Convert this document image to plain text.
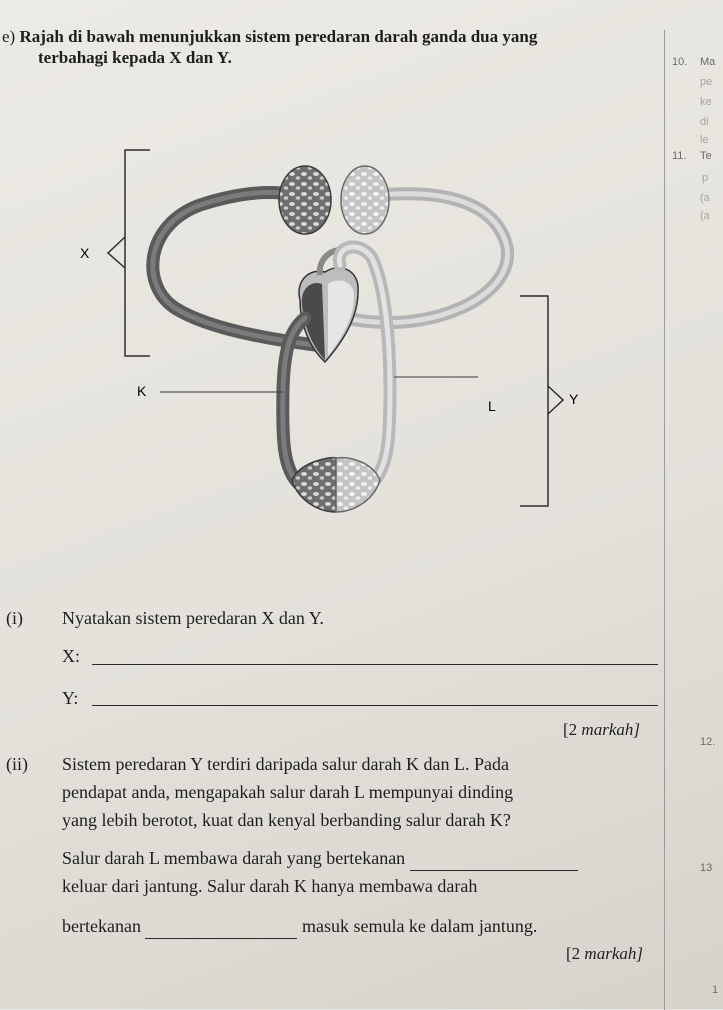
e) Rajah di bawah menunjukkan sistem peredaran darah ganda dua yang
terbahagi kepada X dan Y.	10. Ma
pe
ke
di
le
11. Te
p
(a
(a
12.
13
1
X
Y
K
L
(i) Nyatakan sistem peredaran X dan Y.
X:
Y:
[2 markah]
(ii) Sistem peredaran Y terdiri daripada salur darah K dan L. Pada
pendapat anda, mengapakah salur darah L mempunyai dinding
yang lebih berotot, kuat dan kenyal berbanding salur darah K?
Salur darah L membawa darah yang bertekanan
keluar dari jantung. Salur darah K hanya membawa darah
bertekanan	masuk semula ke dalam jantung.
[2 markah]
